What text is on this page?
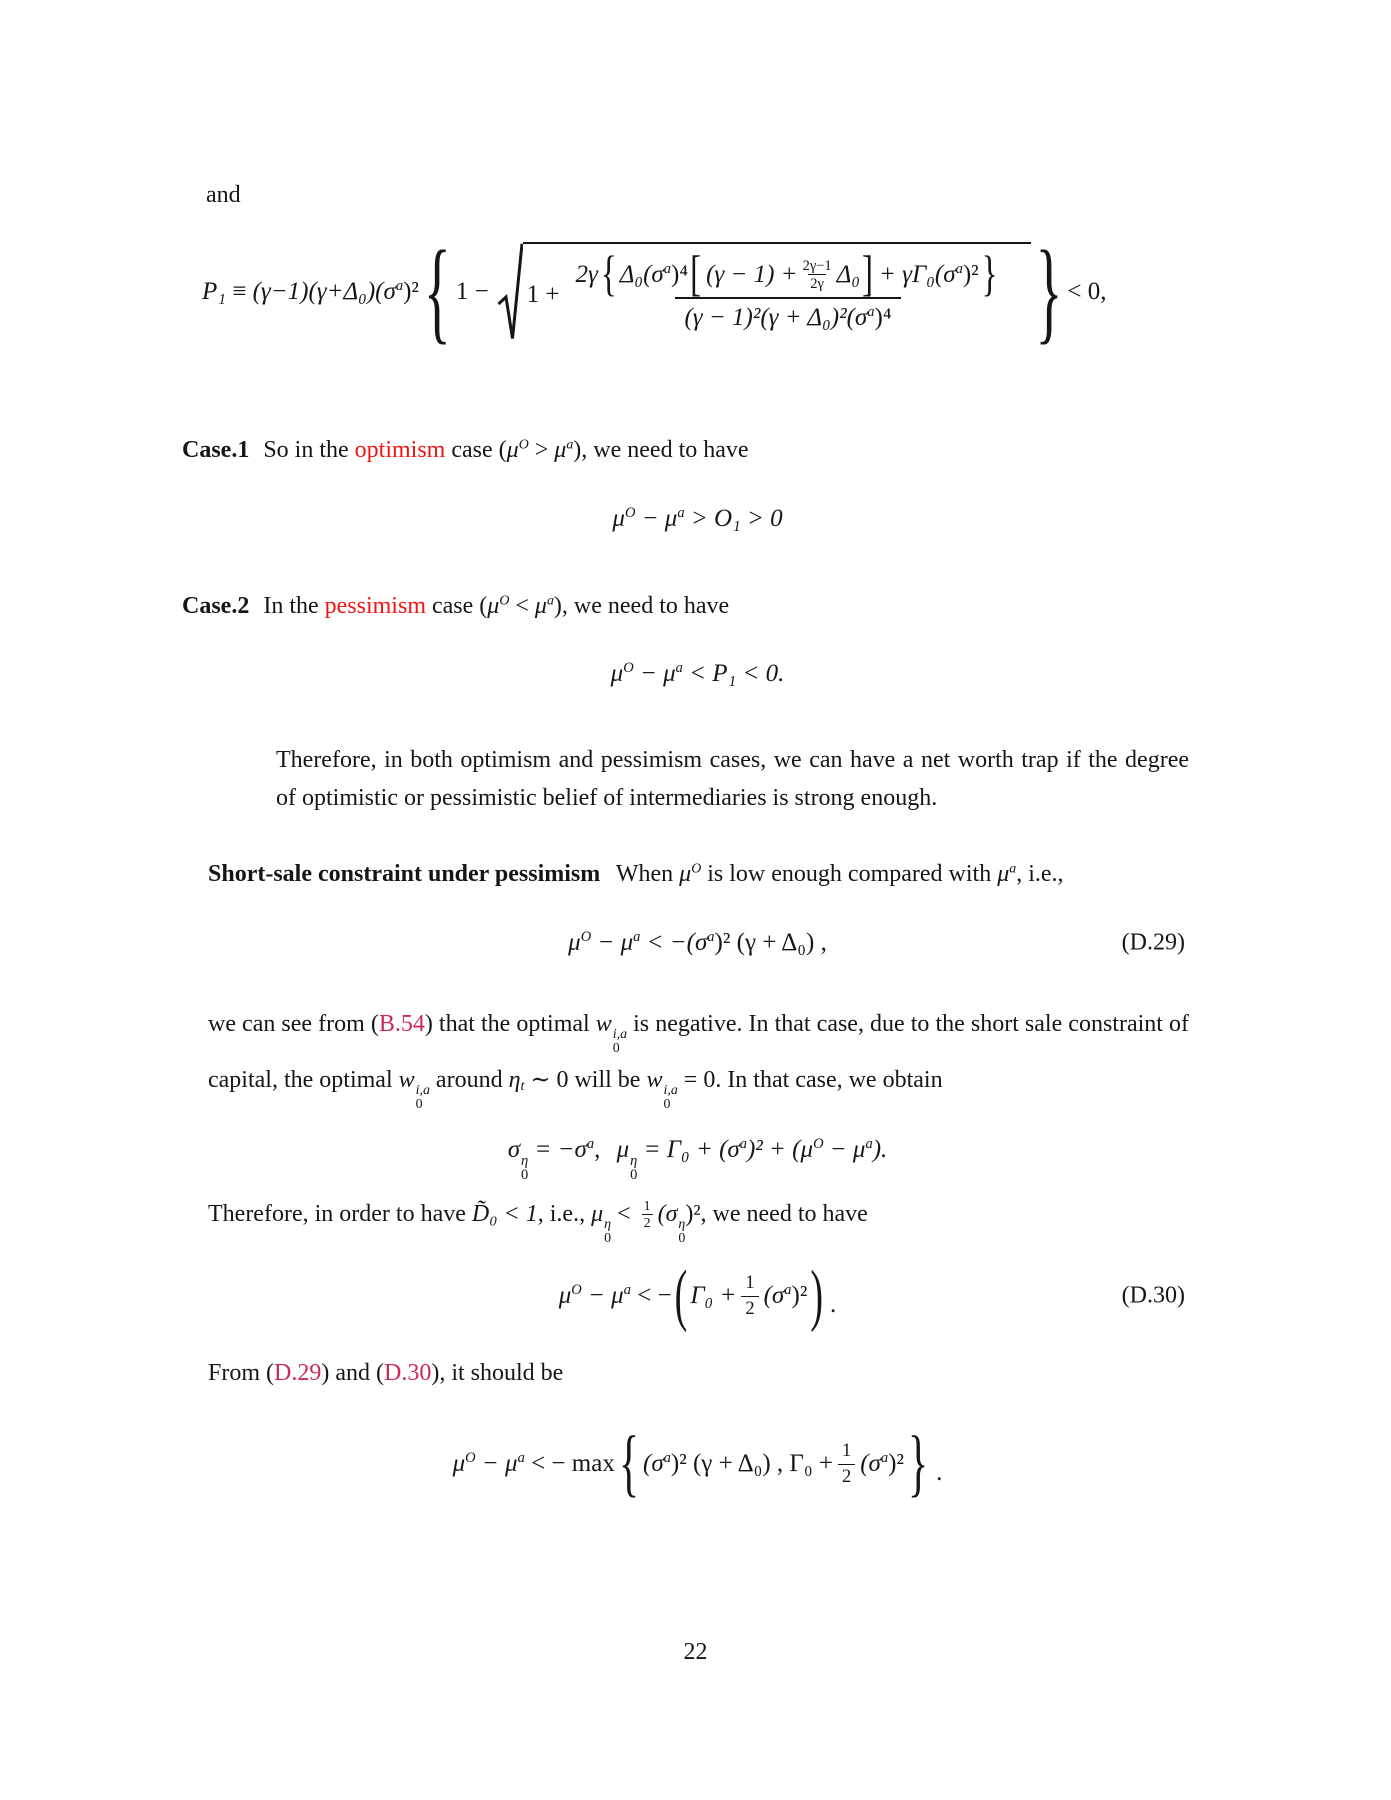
and
$P_1 \equiv (\gamma-1)(\gamma+\Delta_0)(\sigma^a)^2$ { 1 − 1 +
2γ { $\Delta_0(\sigma^a)^4$ [ $(\gamma - 1) + \frac{2\gamma-1}{2\gamma} \Delta_0$ ] + $\gamma\Gamma_0(\sigma^a)^2$ }
$(\gamma - 1)^2(\gamma + \Delta_0)^2(\sigma^a)^4$	} < 0,
Case.1 So in the optimism case $(\mu^O > \mu^a)$, we need to have
$\mu^O - \mu^a > O_1 > 0$
Case.2 In the pessimism case $(\mu^O < \mu^a)$, we need to have
$\mu^O - \mu^a < P_1 < 0$.
Therefore, in both optimism and pessimism cases, we can have a net worth trap if the degree of optimistic or pessimistic belief of intermediaries is strong enough.
Short-sale constraint under pessimism When $\mu^O$ is low enough compared with $\mu^a$, i.e.,
$\mu^O - \mu^a < -(\sigma^a)^2$ (γ + Δ₀) ,	(D.29)
we can see from (B.54) that the optimal w i,a
0
is negative. In that case, due to the short sale constraint of capital, the optimal w i,a
0
around $\eta_t$ ∼ 0 will be w i,a
0
= 0. In that case, we obtain
σ η
0
= $-\sigma^a$, μ η
0
= $\Gamma_0 + (\sigma^a)^2 + (\mu^O - \mu^a)$.
Therefore, in order to have D̃₀ < 1, i.e., μ η
0
< $\frac{1}{2} (\sigma$ η
0
)², we need to have
$\mu^O - \mu^a$ < − ( $\Gamma_0 + \frac{1}{2} (\sigma^a)^2$ ) .	(D.30)
From (D.29) and (D.30), it should be
$\mu^O - \mu^a$ < − max { $(\sigma^a)^2$ (γ + Δ₀) , $\Gamma_0 + \frac{1}{2} (\sigma^a)^2$ } .
22
